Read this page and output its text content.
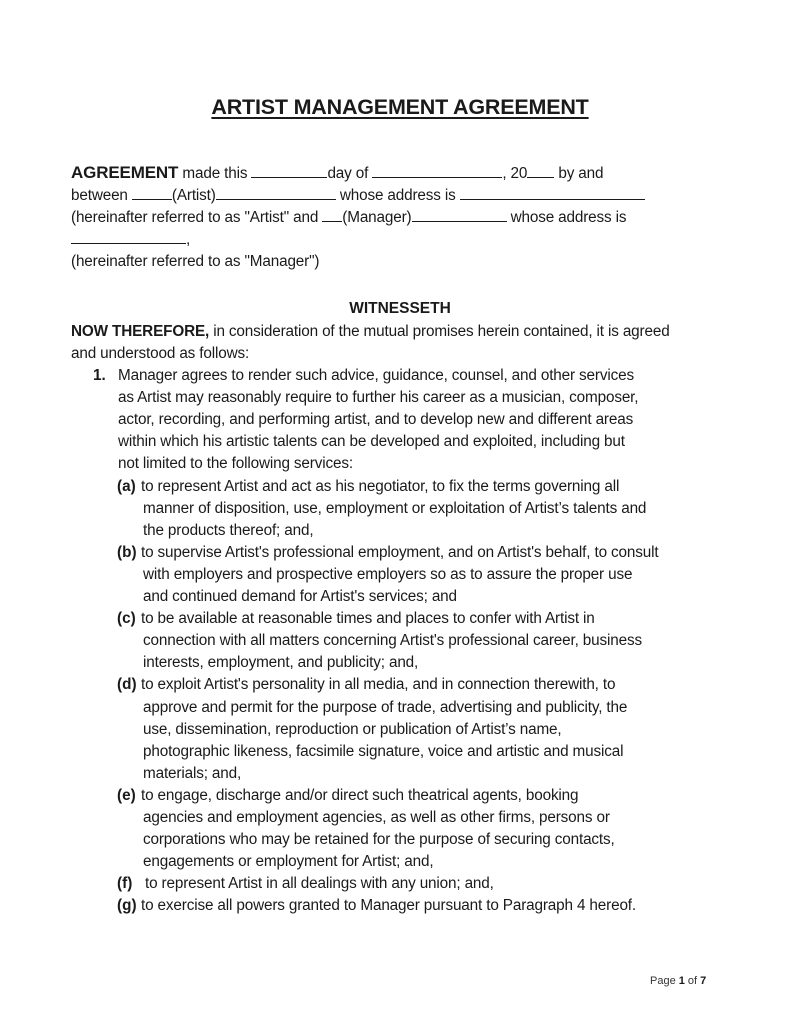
ARTIST MANAGEMENT AGREEMENT
AGREEMENT made this	day of	, 20 by and
between	(Artist)	whose address is
(hereinafter referred to as "Artist" and (Manager)	whose address is
,
(hereinafter referred to as "Manager")
WITNESSETH
NOW THEREFORE, in consideration of the mutual promises herein contained, it is agreed
and understood as follows:
1. Manager agrees to render such advice, guidance, counsel, and other services
as Artist may reasonably require to further his career as a musician, composer,
actor, recording, and performing artist, and to develop new and different areas
within which his artistic talents can be developed and exploited, including but
not limited to the following services:
(a) to represent Artist and act as his negotiator, to fix the terms governing all
manner of disposition, use, employment or exploitation of Artist’s talents and
the products thereof; and,
(b) to supervise Artist's professional employment, and on Artist's behalf, to consult
with employers and prospective employers so as to assure the proper use
and continued demand for Artist's services; and
(c) to be available at reasonable times and places to confer with Artist in
connection with all matters concerning Artist's professional career, business
interests, employment, and publicity; and,
(d) to exploit Artist's personality in all media, and in connection therewith, to
approve and permit for the purpose of trade, advertising and publicity, the
use, dissemination, reproduction or publication of Artist’s name,
photographic likeness, facsimile signature, voice and artistic and musical
materials; and,
(e) to engage, discharge and/or direct such theatrical agents, booking
agencies and employment agencies, as well as other firms, persons or
corporations who may be retained for the purpose of securing contacts,
engagements or employment for Artist; and,
(f) to represent Artist in all dealings with any union; and,
(g) to exercise all powers granted to Manager pursuant to Paragraph 4 hereof.
Page 1 of 7
